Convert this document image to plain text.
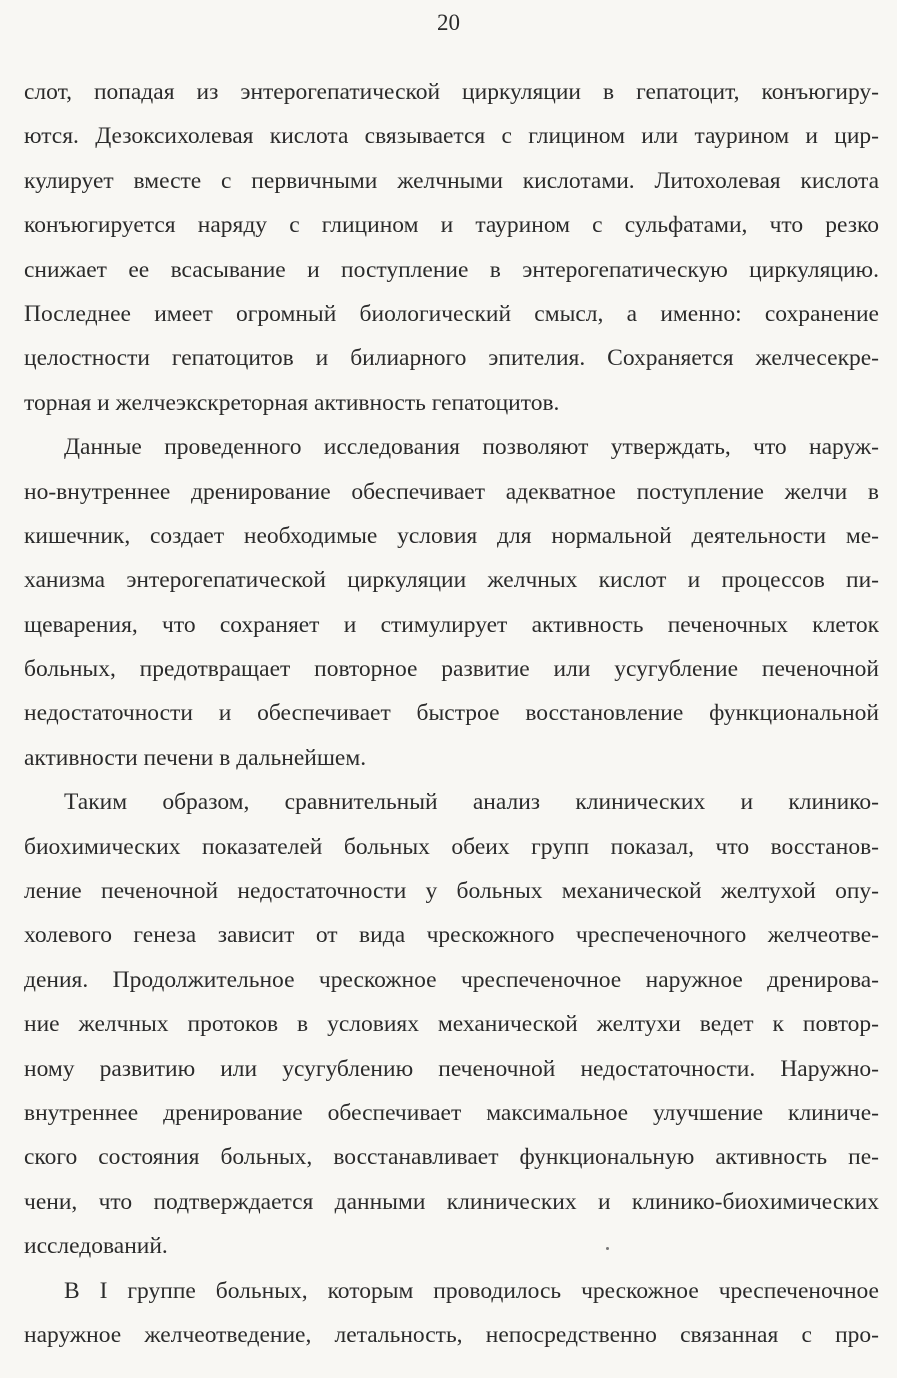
20
слот, попадая из энтерогепатической циркуляции в гепатоцит, конъюгиру-
ются. Дезоксихолевая кислота связывается с глицином или таурином и цир-
кулирует вместе с первичными желчными кислотами. Литохолевая кислота
конъюгируется наряду с глицином и таурином с сульфатами, что резко
снижает ее всасывание и поступление в энтерогепатическую циркуляцию.
Последнее имеет огромный биологический смысл, а именно: сохранение
целостности гепатоцитов и билиарного эпителия. Сохраняется желчесекре-
торная и желчеэкскреторная активность гепатоцитов.
Данные проведенного исследования позволяют утверждать, что наруж-
но-внутреннее дренирование обеспечивает адекватное поступление желчи в
кишечник, создает необходимые условия для нормальной деятельности ме-
ханизма энтерогепатической циркуляции желчных кислот и процессов пи-
щеварения, что сохраняет и стимулирует активность печеночных клеток
больных, предотвращает повторное развитие или усугубление печеночной
недостаточности и обеспечивает быстрое восстановление функциональной
активности печени в дальнейшем.
Таким образом, сравнительный анализ клинических и клинико-
биохимических показателей больных обеих групп показал, что восстанов-
ление печеночной недостаточности у больных механической желтухой опу-
холевого генеза зависит от вида чрескожного чреспеченочного желчеотве-
дения. Продолжительное чрескожное чреспеченочное наружное дренирова-
ние желчных протоков в условиях механической желтухи ведет к повтор-
ному развитию или усугублению печеночной недостаточности. Наружно-
внутреннее дренирование обеспечивает максимальное улучшение клиниче-
ского состояния больных, восстанавливает функциональную активность пе-
чени, что подтверждается данными клинических и клинико-биохимических
исследований.
В I группе больных, которым проводилось чрескожное чреспеченочное
наружное желчеотведение, летальность, непосредственно связанная с про-
